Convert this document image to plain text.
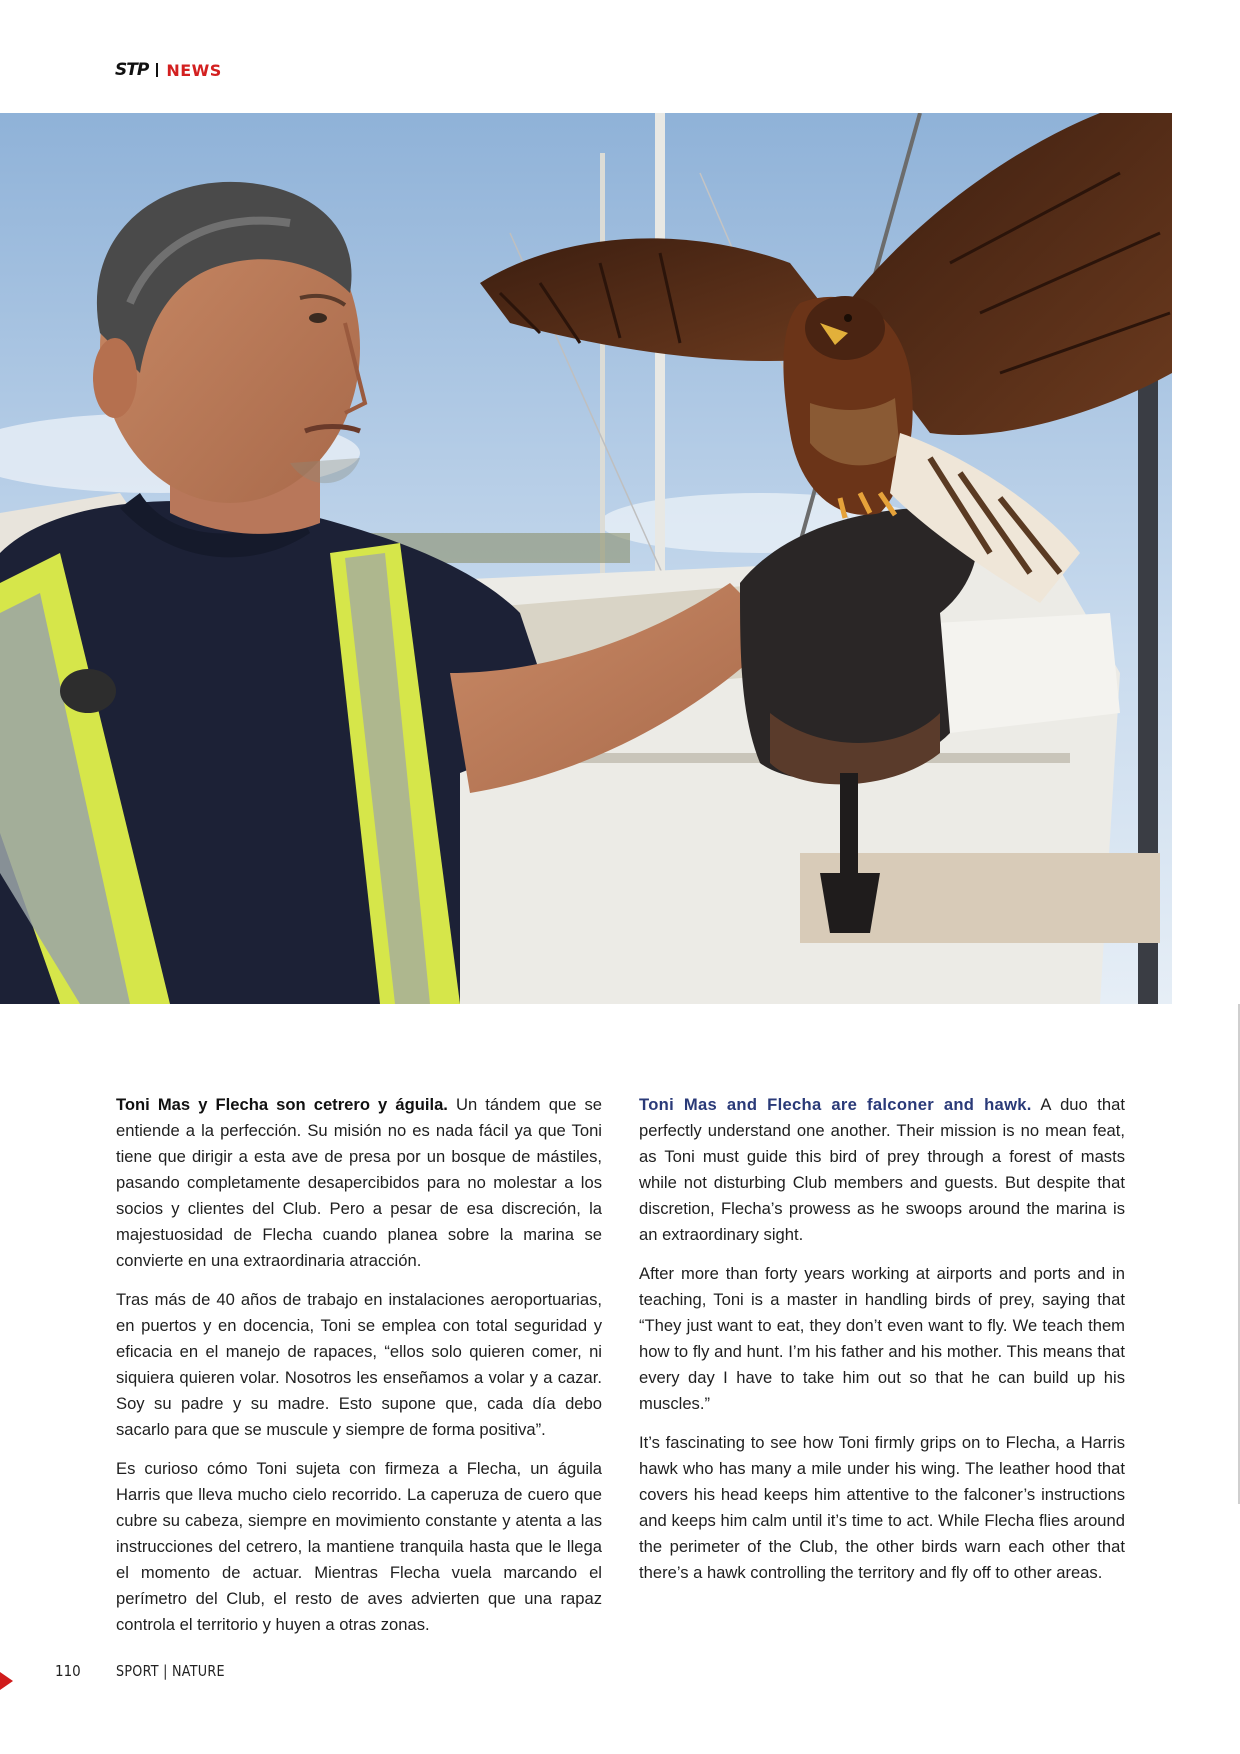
STP NEWS

Toni Mas y Flecha son cetrero y águila. Un tándem que se entiende a la perfección. Su misión no es nada fácil ya que Toni tiene que dirigir a esta ave de presa por un bosque de mástiles, pasando completamente desapercibidos para no molestar a los socios y clientes del Club. Pero a pesar de esa discreción, la majestuosidad de Flecha cuando planea sobre la marina se convierte en una extraordinaria atracción.

Tras más de 40 años de trabajo en instalaciones aeroportuarias, en puertos y en docencia, Toni se emplea con total seguridad y eficacia en el manejo de rapaces, “ellos solo quieren comer, ni siquiera quieren volar. Nosotros les enseñamos a volar y a cazar. Soy su padre y su madre. Esto supone que, cada día debo sacarlo para que se muscule y siempre de forma positiva”.

Es curioso cómo Toni sujeta con firmeza a Flecha, un águila Harris que lleva mucho cielo recorrido. La caperuza de cuero que cubre su cabeza, siempre en movimiento constante y atenta a las instrucciones del cetrero, la mantiene tranquila hasta que le llega el momento de actuar. Mientras Flecha vuela marcando el perímetro del Club, el resto de aves advierten que una rapaz controla el territorio y huyen a otras zonas.

Toni Mas and Flecha are falconer and hawk. A duo that perfectly understand one another. Their mission is no mean feat, as Toni must guide this bird of prey through a forest of masts while not disturbing Club members and guests. But despite that discretion, Flecha’s prowess as he swoops around the marina is an extraordinary sight.

After more than forty years working at airports and ports and in teaching, Toni is a master in handling birds of prey, saying that “They just want to eat, they don’t even want to fly. We teach them how to fly and hunt. I’m his father and his mother. This means that every day I have to take him out so that he can build up his muscles.”

It’s fascinating to see how Toni firmly grips on to Flecha, a Harris hawk who has many a mile under his wing. The leather hood that covers his head keeps him attentive to the falconer’s instructions and keeps him calm until it’s time to act. While Flecha flies around the perimeter of the Club, the other birds warn each other that there’s a hawk controlling the territory and fly off to other areas.

110 SPORT | NATURE
